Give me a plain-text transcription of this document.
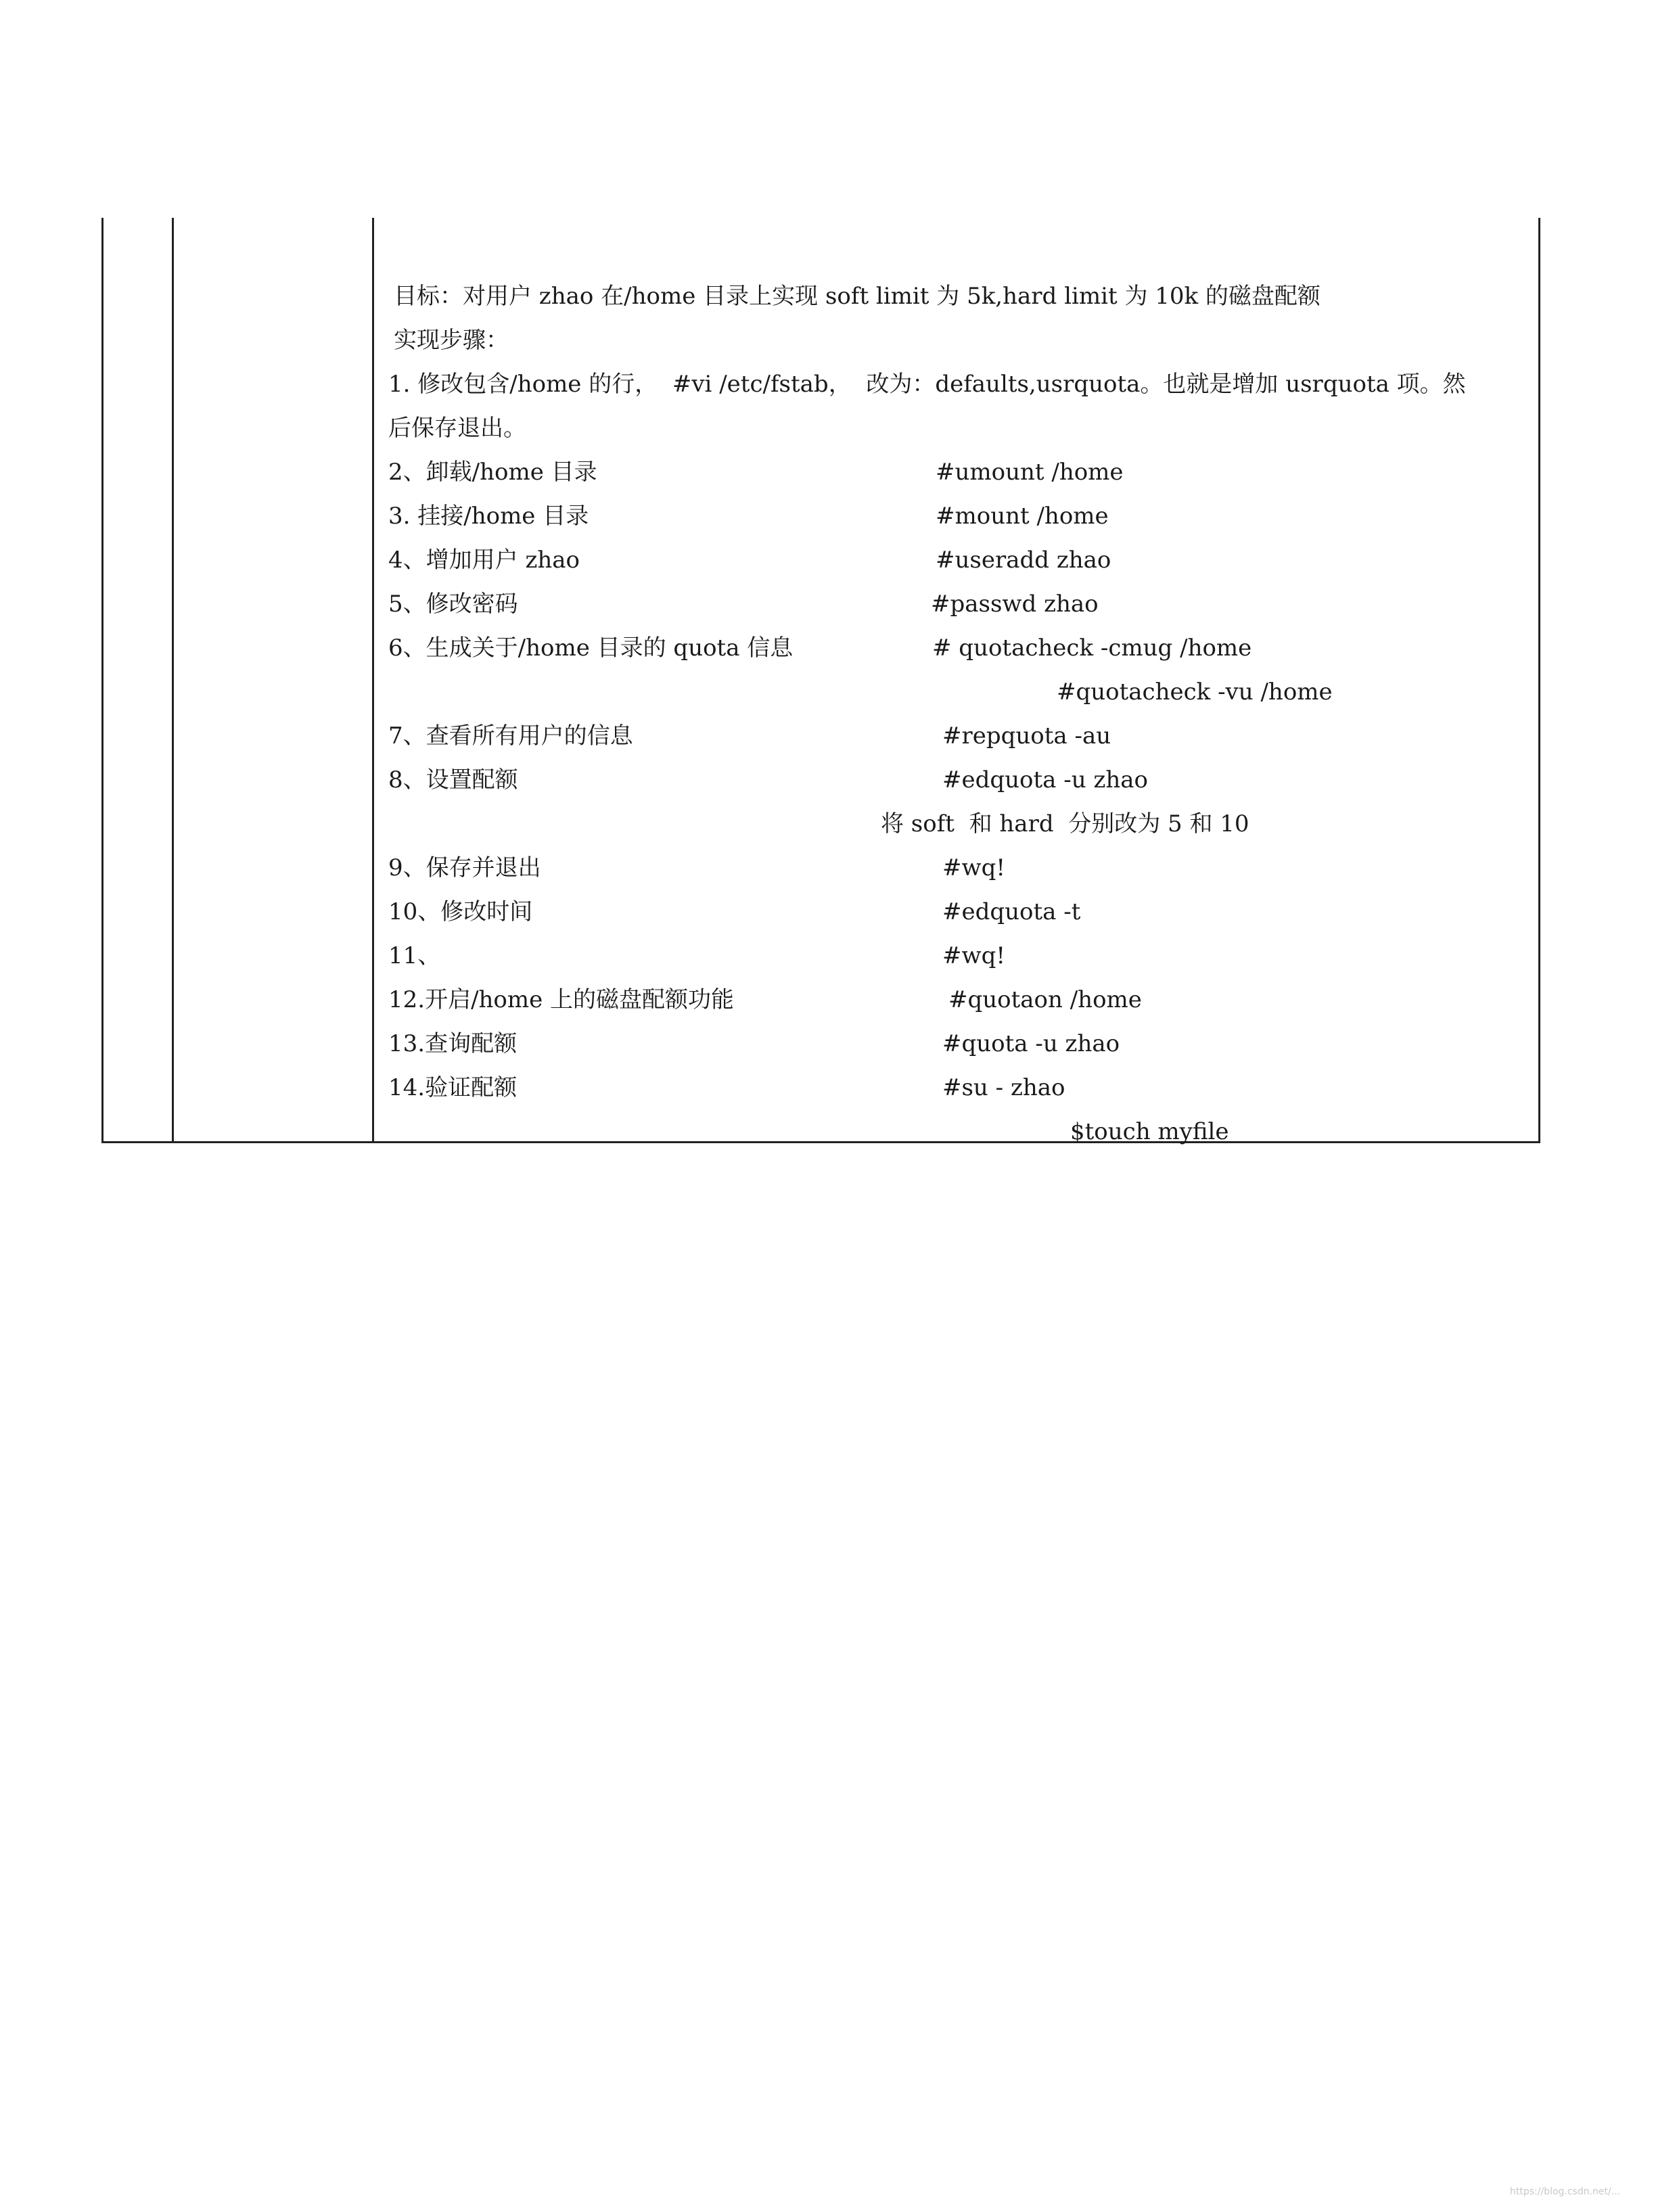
目标：对用户 zhao 在/home 目录上实现 soft limit 为 5k,hard limit 为 10k 的磁盘配额
实现步骤：
1. 修改包含/home 的行，  #vi /etc/fstab，  改为：defaults,usrquota。也就是增加 usrquota 项。然
后保存退出。
2、卸载/home 目录	#umount /home
3. 挂接/home 目录	#mount /home
4、增加用户 zhao	#useradd zhao
5、修改密码	#passwd zhao
6、生成关于/home 目录的 quota 信息	# quotacheck -cmug /home
#quotacheck -vu /home
7、查看所有用户的信息	#repquota -au
8、设置配额	#edquota -u zhao
将 soft  和 hard  分别改为 5 和 10
9、保存并退出	#wq!
10、修改时间	#edquota -t
11、	#wq!
12.开启/home 上的磁盘配额功能	#quotaon /home
13.查询配额	#quota -u zhao
14.验证配额	#su - zhao
$touch myfile
https://blog.csdn.net/...
